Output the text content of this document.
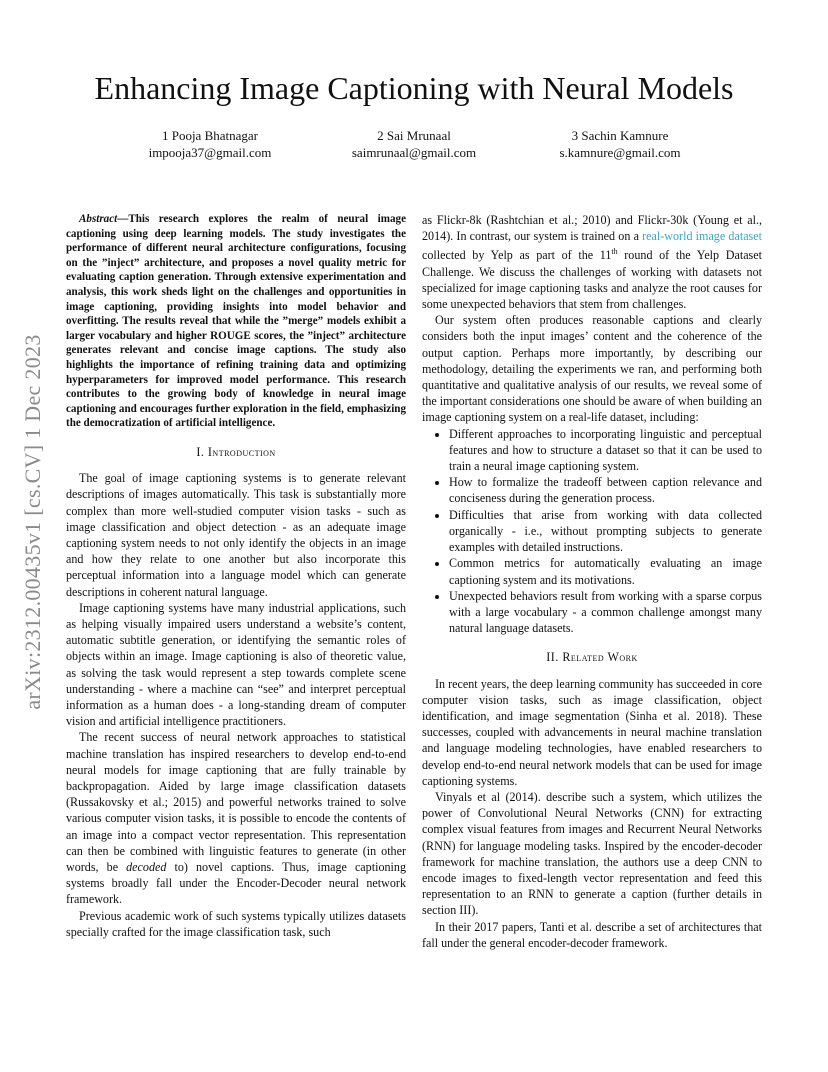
Enhancing Image Captioning with Neural Models
1 Pooja Bhatnagar
impooja37@gmail.com
2 Sai Mrunaal
saimrunaal@gmail.com
3 Sachin Kamnure
s.kamnure@gmail.com
arXiv:2312.00435v1 [cs.CV] 1 Dec 2023

Abstract—This research explores the realm of neural image captioning using deep learning models. The study investigates the performance of different neural architecture configurations, focusing on the ”inject” architecture, and proposes a novel quality metric for evaluating caption generation. Through extensive experimentation and analysis, this work sheds light on the challenges and opportunities in image captioning, providing insights into model behavior and overfitting. The results reveal that while the ”merge” models exhibit a larger vocabulary and higher ROUGE scores, the ”inject” architecture generates relevant and concise image captions. The study also highlights the importance of refining training data and optimizing hyperparameters for improved model performance. This research contributes to the growing body of knowledge in neural image captioning and encourages further exploration in the field, emphasizing the democratization of artificial intelligence.

I. Introduction

The goal of image captioning systems is to generate relevant descriptions of images automatically. This task is substantially more complex than more well-studied computer vision tasks - such as image classification and object detection - as an adequate image captioning system needs to not only identify the objects in an image and how they relate to one another but also incorporate this perceptual information into a language model which can generate descriptions in coherent natural language.

Image captioning systems have many industrial applications, such as helping visually impaired users understand a website’s content, automatic subtitle generation, or identifying the semantic roles of objects within an image. Image captioning is also of theoretic value, as solving the task would represent a step towards complete scene understanding - where a machine can “see” and interpret perceptual information as a human does - a long-standing dream of computer vision and artificial intelligence practitioners.

The recent success of neural network approaches to statistical machine translation has inspired researchers to develop end-to-end neural models for image captioning that are fully trainable by backpropagation. Aided by large image classification datasets (Russakovsky et al.; 2015) and powerful networks trained to solve various computer vision tasks, it is possible to encode the contents of an image into a compact vector representation. This representation can then be combined with linguistic features to generate (in other words, be decoded to) novel captions. Thus, image captioning systems broadly fall under the Encoder-Decoder neural network framework.

Previous academic work of such systems typically utilizes datasets specially crafted for the image classification task, such

as Flickr-8k (Rashtchian et al.; 2010) and Flickr-30k (Young et al., 2014). In contrast, our system is trained on a real-world image dataset collected by Yelp as part of the 11th round of the Yelp Dataset Challenge. We discuss the challenges of working with datasets not specialized for image captioning tasks and analyze the root causes for some unexpected behaviors that stem from challenges.

Our system often produces reasonable captions and clearly considers both the input images’ content and the coherence of the output caption. Perhaps more importantly, by describing our methodology, detailing the experiments we ran, and performing both quantitative and qualitative analysis of our results, we reveal some of the important considerations one should be aware of when building an image captioning system on a real-life dataset, including:

• Different approaches to incorporating linguistic and perceptual features and how to structure a dataset so that it can be used to train a neural image captioning system.
• How to formalize the tradeoff between caption relevance and conciseness during the generation process.
• Difficulties that arise from working with data collected organically - i.e., without prompting subjects to generate examples with detailed instructions.
• Common metrics for automatically evaluating an image captioning system and its motivations.
• Unexpected behaviors result from working with a sparse corpus with a large vocabulary - a common challenge amongst many natural language datasets.
II. Related Work

In recent years, the deep learning community has succeeded in core computer vision tasks, such as image classification, object identification, and image segmentation (Sinha et al. 2018). These successes, coupled with advancements in neural machine translation and language modeling technologies, have enabled researchers to develop end-to-end neural network models that can be used for image captioning systems.

Vinyals et al (2014). describe such a system, which utilizes the power of Convolutional Neural Networks (CNN) for extracting complex visual features from images and Recurrent Neural Networks (RNN) for language modeling tasks. Inspired by the encoder-decoder framework for machine translation, the authors use a deep CNN to encode images to fixed-length vector representation and feed this representation to an RNN to generate a caption (further details in section III).

In their 2017 papers, Tanti et al. describe a set of architectures that fall under the general encoder-decoder framework.
